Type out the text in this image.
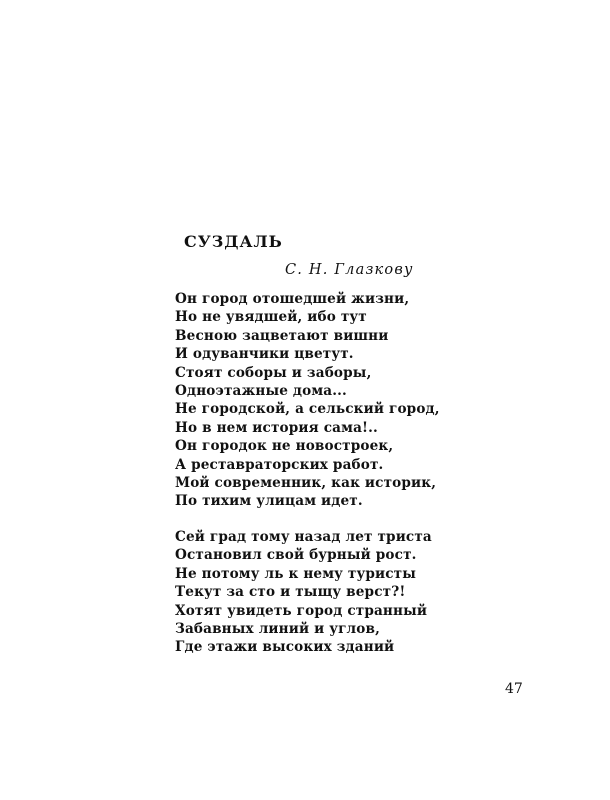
СУЗДАЛЬ
С. Н. Глазкову
Он город отошедшей жизни,
Но не увядшей, ибо тут
Весною зацветают вишни
И одуванчики цветут.
Стоят соборы и заборы,
Одноэтажные дома...
Не городской, а сельский город,
Но в нем история сама!..
Он городок не новостроек,
А реставраторских работ.
Мой современник, как историк,
По тихим улицам идет.
Сей град тому назад лет триста
Остановил свой бурный рост.
Не потому ль к нему туристы
Текут за сто и тыщу верст?!
Хотят увидеть город странный
Забавных линий и углов,
Где этажи высоких зданий
47
